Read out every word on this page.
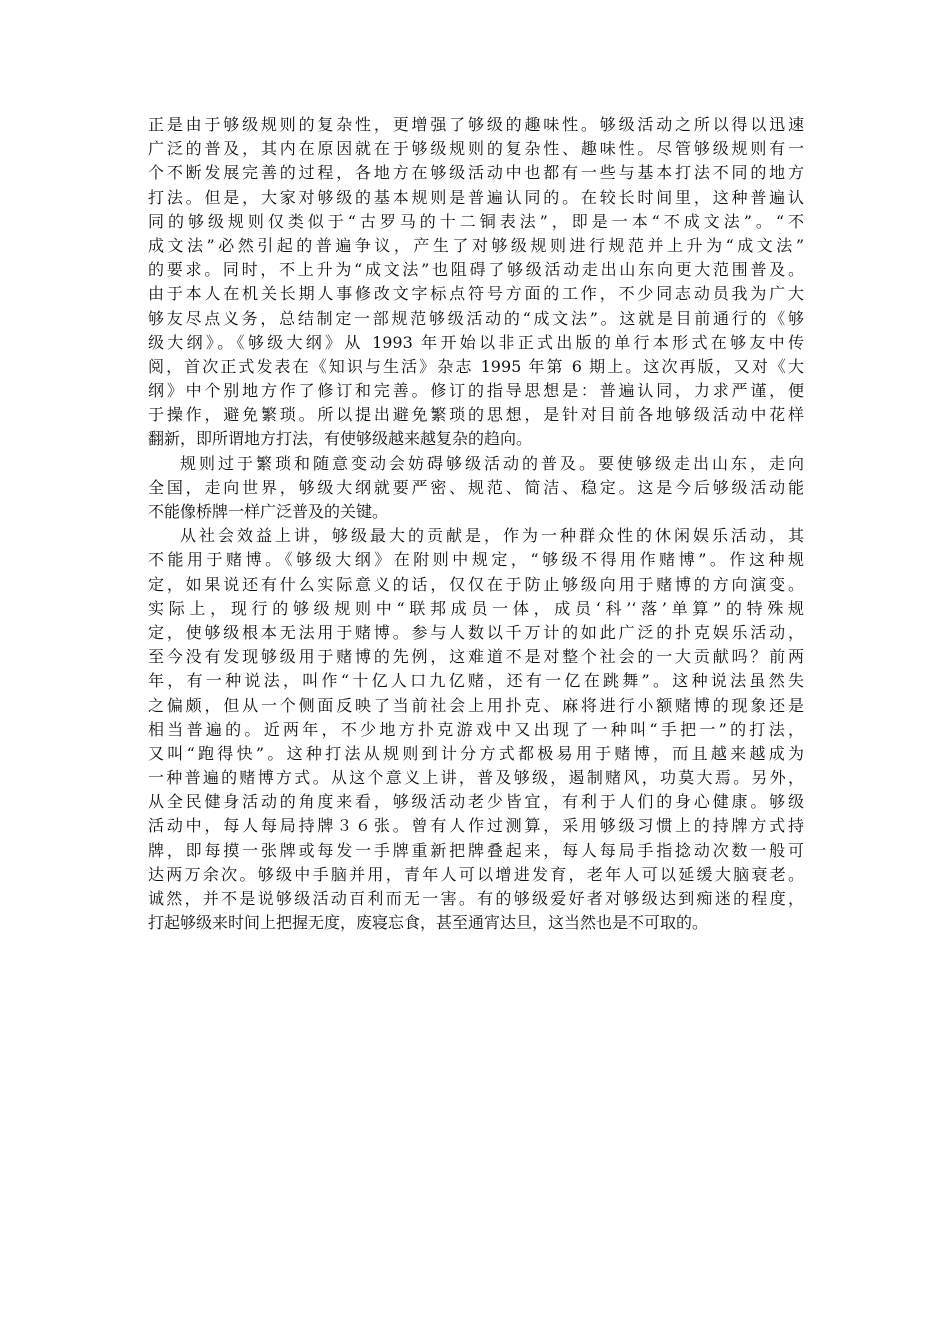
正是由于够级规则的复杂性，更增强了够级的趣味性。够级活动之所以得以迅速
广泛的普及，其内在原因就在于够级规则的复杂性、趣味性。尽管够级规则有一
个不断发展完善的过程，各地方在够级活动中也都有一些与基本打法不同的地方
打法。但是，大家对够级的基本规则是普遍认同的。在较长时间里，这种普遍认
同的够级规则仅类似于“古罗马的十二铜表法”，即是一本“不成文法”。“不
成文法”必然引起的普遍争议，产生了对够级规则进行规范并上升为“成文法”
的要求。同时，不上升为“成文法”也阻碍了够级活动走出山东向更大范围普及。
由于本人在机关长期人事修改文字标点符号方面的工作，不少同志动员我为广大
够友尽点义务，总结制定一部规范够级活动的“成文法”。这就是目前通行的《够
级大纲》。《够级大纲》从 1993 年开始以非正式出版的单行本形式在够友中传
阅，首次正式发表在《知识与生活》杂志 1995 年第 6 期上。这次再版，又对《大
纲》中个别地方作了修订和完善。修订的指导思想是：普遍认同，力求严谨，便
于操作，避免繁琐。所以提出避免繁琐的思想，是针对目前各地够级活动中花样
翻新，即所谓地方打法，有使够级越来越复杂的趋向。
规则过于繁琐和随意变动会妨碍够级活动的普及。要使够级走出山东，走向
全国，走向世界，够级大纲就要严密、规范、简洁、稳定。这是今后够级活动能
不能像桥牌一样广泛普及的关键。
从社会效益上讲，够级最大的贡献是，作为一种群众性的休闲娱乐活动，其
不能用于赌博。《够级大纲》在附则中规定，“够级不得用作赌博”。作这种规
定，如果说还有什么实际意义的话，仅仅在于防止够级向用于赌博的方向演变。
实际上，现行的够级规则中“联邦成员一体，成员‘科’‘落’单算”的特殊规
定，使够级根本无法用于赌博。参与人数以千万计的如此广泛的扑克娱乐活动，
至今没有发现够级用于赌博的先例，这难道不是对整个社会的一大贡献吗？前两
年，有一种说法，叫作“十亿人口九亿赌，还有一亿在跳舞”。这种说法虽然失
之偏颇，但从一个侧面反映了当前社会上用扑克、麻将进行小额赌博的现象还是
相当普遍的。近两年，不少地方扑克游戏中又出现了一种叫“手把一”的打法，
又叫“跑得快”。这种打法从规则到计分方式都极易用于赌博，而且越来越成为
一种普遍的赌博方式。从这个意义上讲，普及够级，遏制赌风，功莫大焉。另外，
从全民健身活动的角度来看，够级活动老少皆宜，有利于人们的身心健康。够级
活动中，每人每局持牌３６张。曾有人作过测算，采用够级习惯上的持牌方式持
牌，即每摸一张牌或每发一手牌重新把牌叠起来，每人每局手指捻动次数一般可
达两万余次。够级中手脑并用，青年人可以增进发育，老年人可以延缓大脑衰老。
诚然，并不是说够级活动百利而无一害。有的够级爱好者对够级达到痴迷的程度，
打起够级来时间上把握无度，废寝忘食，甚至通宵达旦，这当然也是不可取的。
